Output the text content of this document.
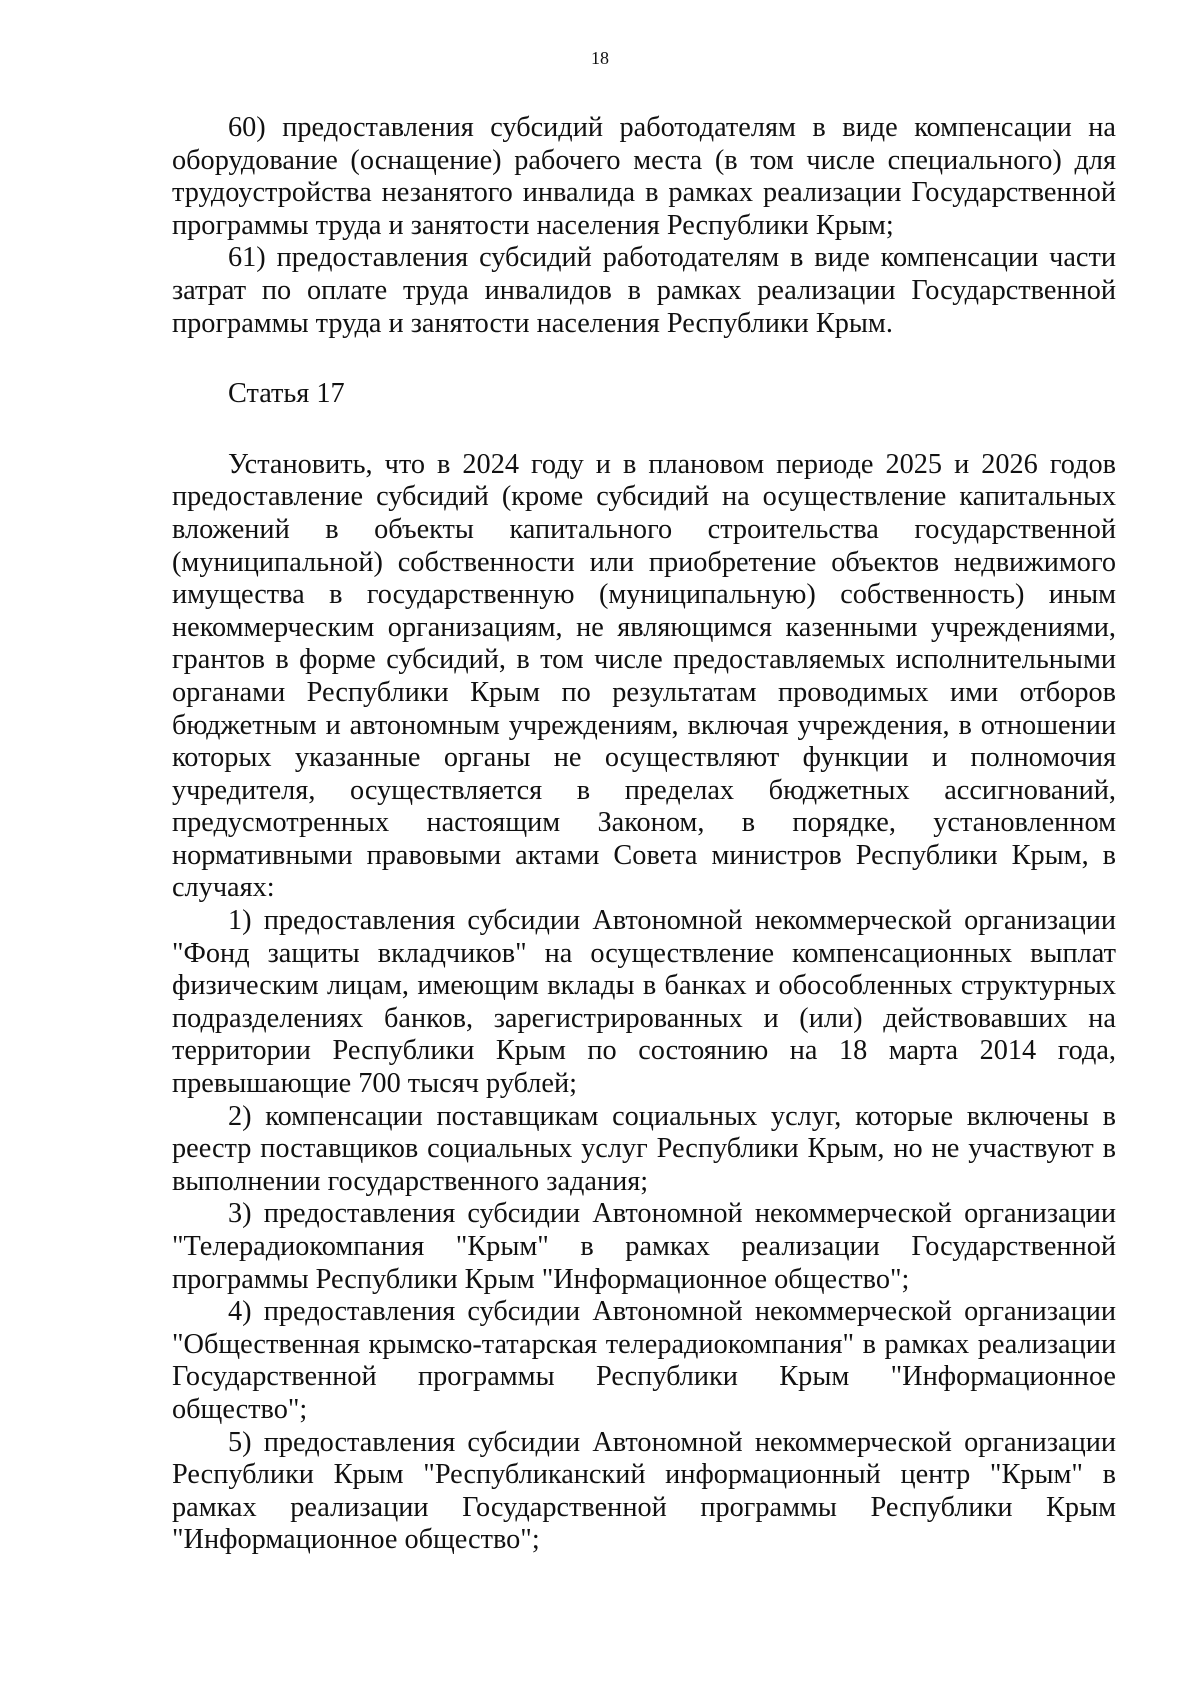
18

60) предоставления субсидий работодателям в виде компенсации на оборудование (оснащение) рабочего места (в том числе специального) для трудоустройства незанятого инвалида в рамках реализации Государственной программы труда и занятости населения Республики Крым;

61) предоставления субсидий работодателям в виде компенсации части затрат по оплате труда инвалидов в рамках реализации Государственной программы труда и занятости населения Республики Крым.

Статья 17

Установить, что в 2024 году и в плановом периоде 2025 и 2026 годов предоставление субсидий (кроме субсидий на осуществление капитальных вложений в объекты капитального строительства государственной (муниципальной) собственности или приобретение объектов недвижимого имущества в государственную (муниципальную) собственность) иным некоммерческим организациям, не являющимся казенными учреждениями, грантов в форме субсидий, в том числе предоставляемых исполнительными органами Республики Крым по результатам проводимых ими отборов бюджетным и автономным учреждениям, включая учреждения, в отношении которых указанные органы не осуществляют функции и полномочия учредителя, осуществляется в пределах бюджетных ассигнований, предусмотренных настоящим Законом, в порядке, установленном нормативными правовыми актами Совета министров Республики Крым, в случаях:

1) предоставления субсидии Автономной некоммерческой организации "Фонд защиты вкладчиков" на осуществление компенсационных выплат физическим лицам, имеющим вклады в банках и обособленных структурных подразделениях банков, зарегистрированных и (или) действовавших на территории Республики Крым по состоянию на 18 марта 2014 года, превышающие 700 тысяч рублей;

2) компенсации поставщикам социальных услуг, которые включены в реестр поставщиков социальных услуг Республики Крым, но не участвуют в выполнении государственного задания;

3) предоставления субсидии Автономной некоммерческой организации "Телерадиокомпания "Крым" в рамках реализации Государственной программы Республики Крым "Информационное общество";

4) предоставления субсидии Автономной некоммерческой организации "Общественная крымско-татарская телерадиокомпания" в рамках реализации Государственной программы Республики Крым "Информационное общество";

5) предоставления субсидии Автономной некоммерческой организации Республики Крым "Республиканский информационный центр "Крым" в рамках реализации Государственной программы Республики Крым "Информационное общество";
